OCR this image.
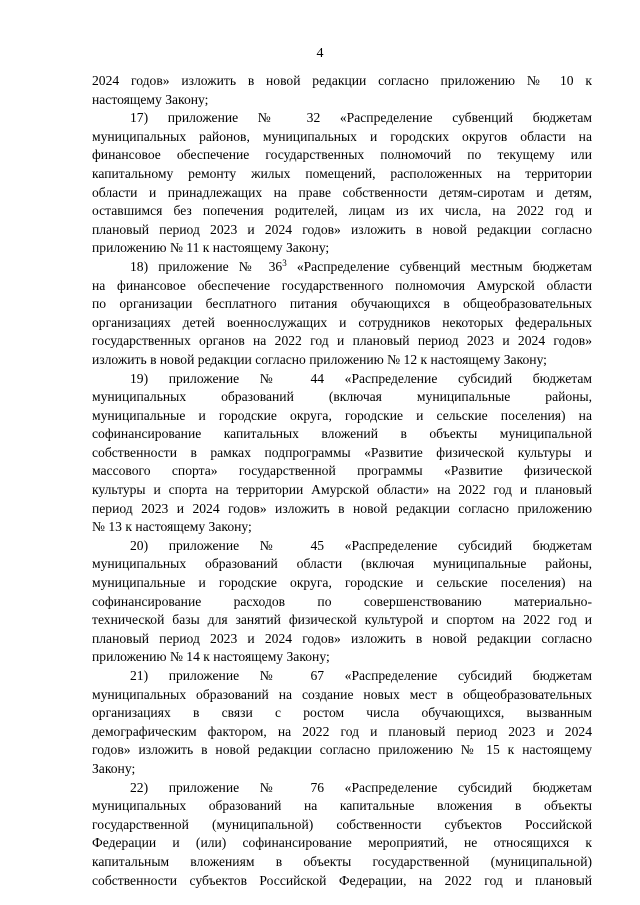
4
2024 годов» изложить в новой редакции согласно приложению № 10 к
настоящему Закону;
17) приложение № 32 «Распределение субвенций бюджетам
муниципальных районов, муниципальных и городских округов области на
финансовое обеспечение государственных полномочий по текущему или
капитальному ремонту жилых помещений, расположенных на территории
области и принадлежащих на праве собственности детям-сиротам и детям,
оставшимся без попечения родителей, лицам из их числа, на 2022 год и
плановый период 2023 и 2024 годов» изложить в новой редакции согласно
приложению № 11 к настоящему Закону;
18) приложение № $36^3$ «Распределение субвенций местным бюджетам
на финансовое обеспечение государственного полномочия Амурской области
по организации бесплатного питания обучающихся в общеобразовательных
организациях детей военнослужащих и сотрудников некоторых федеральных
государственных органов на 2022 год и плановый период 2023 и 2024 годов»
изложить в новой редакции согласно приложению № 12 к настоящему Закону;
19) приложение № 44 «Распределение субсидий бюджетам
муниципальных образований (включая муниципальные районы,
муниципальные и городские округа, городские и сельские поселения) на
софинансирование капитальных вложений в объекты муниципальной
собственности в рамках подпрограммы «Развитие физической культуры и
массового спорта» государственной программы «Развитие физической
культуры и спорта на территории Амурской области» на 2022 год и плановый
период 2023 и 2024 годов» изложить в новой редакции согласно приложению
№ 13 к настоящему Закону;
20) приложение № 45 «Распределение субсидий бюджетам
муниципальных образований области (включая муниципальные районы,
муниципальные и городские округа, городские и сельские поселения) на
софинансирование расходов по совершенствованию материально-
технической базы для занятий физической культурой и спортом на 2022 год и
плановый период 2023 и 2024 годов» изложить в новой редакции согласно
приложению № 14 к настоящему Закону;
21) приложение № 67 «Распределение субсидий бюджетам
муниципальных образований на создание новых мест в общеобразовательных
организациях в связи с ростом числа обучающихся, вызванным
демографическим фактором, на 2022 год и плановый период 2023 и 2024
годов» изложить в новой редакции согласно приложению № 15 к настоящему
Закону;
22) приложение № 76 «Распределение субсидий бюджетам
муниципальных образований на капитальные вложения в объекты
государственной (муниципальной) собственности субъектов Российской
Федерации и (или) софинансирование мероприятий, не относящихся к
капитальным вложениям в объекты государственной (муниципальной)
собственности субъектов Российской Федерации, на 2022 год и плановый
